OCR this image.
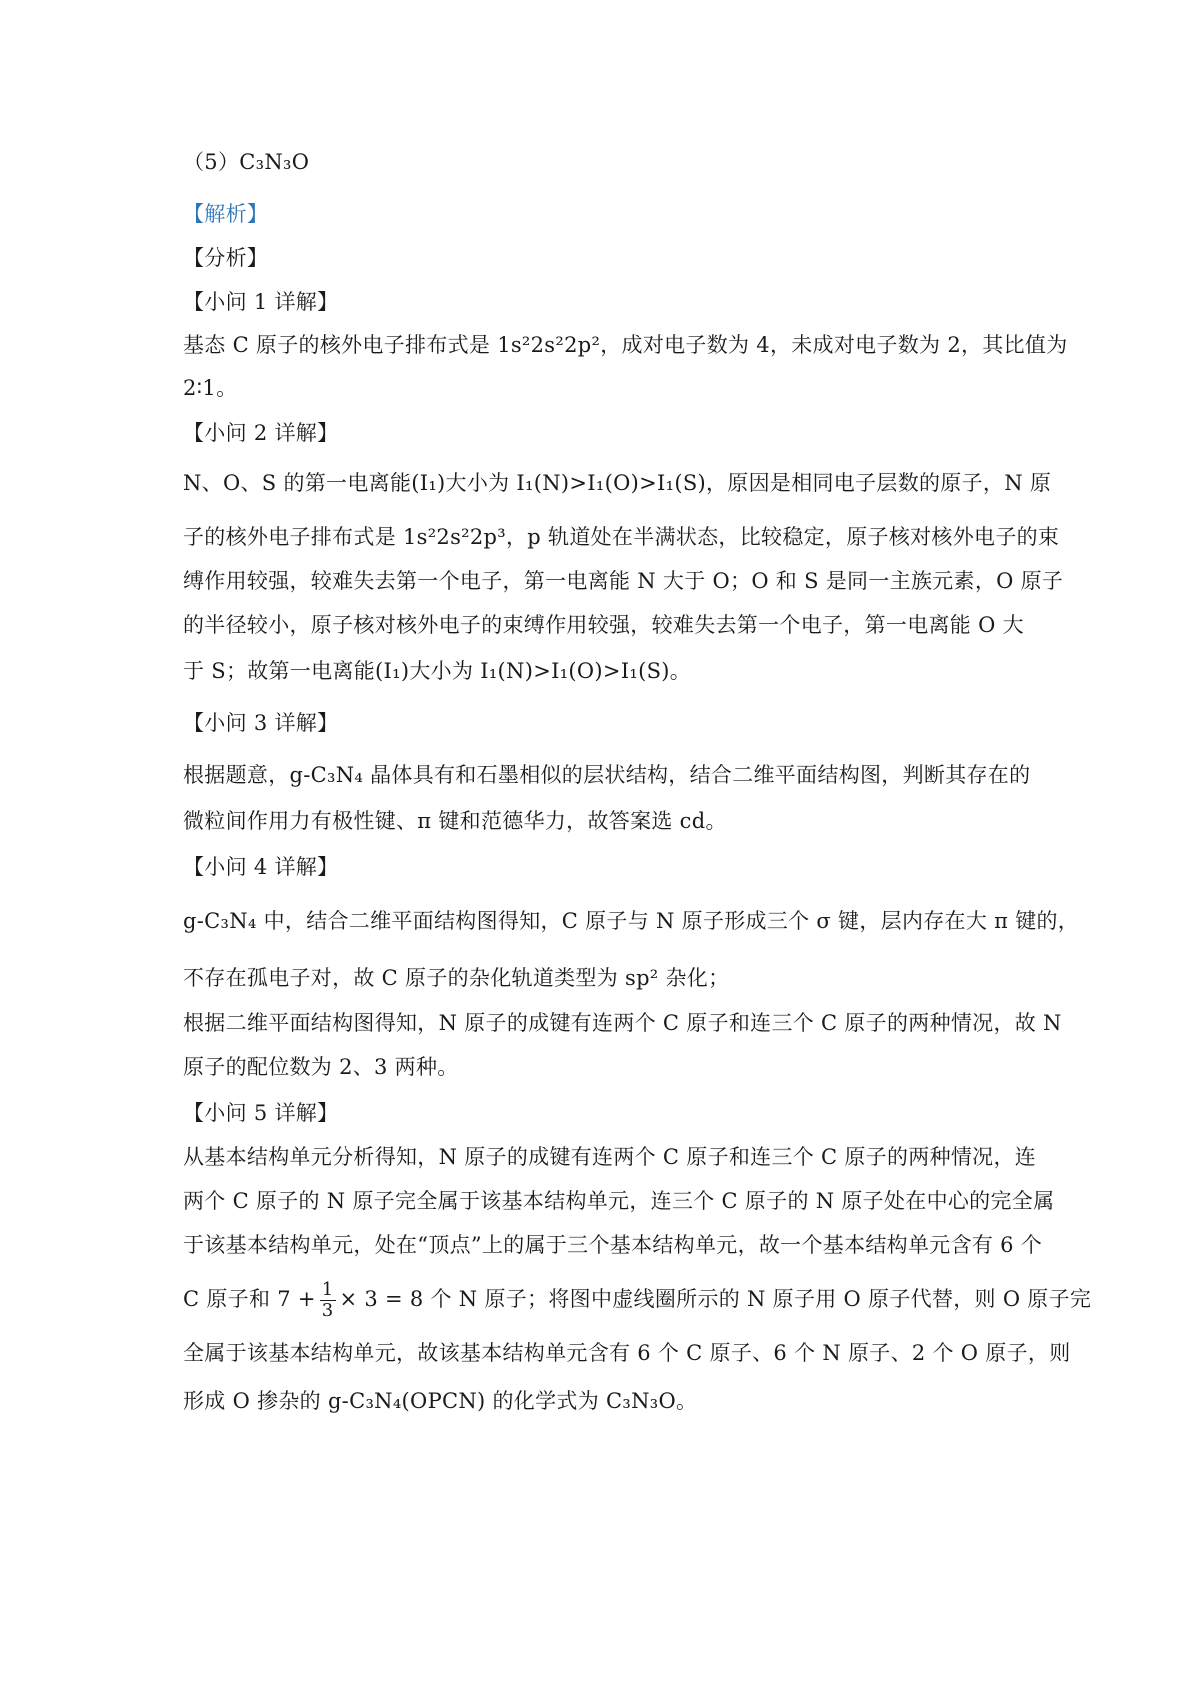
（5）C₃N₃O
【解析】
【分析】
【小问 1 详解】
基态 C 原子的核外电子排布式是 1s²2s²2p²，成对电子数为 4，未成对电子数为 2，其比值为
2∶1。
【小问 2 详解】
N、O、S 的第一电离能(I₁)大小为 I₁(N)>I₁(O)>I₁(S)，原因是相同电子层数的原子，N 原
子的核外电子排布式是 1s²2s²2p³，p 轨道处在半满状态，比较稳定，原子核对核外电子的束
缚作用较强，较难失去第一个电子，第一电离能 N 大于 O；O 和 S 是同一主族元素，O 原子
的半径较小，原子核对核外电子的束缚作用较强，较难失去第一个电子，第一电离能 O 大
于 S；故第一电离能(I₁)大小为 I₁(N)>I₁(O)>I₁(S)。
【小问 3 详解】
根据题意，g-C₃N₄ 晶体具有和石墨相似的层状结构，结合二维平面结构图，判断其存在的
微粒间作用力有极性键、π 键和范德华力，故答案选 cd。
【小问 4 详解】
g-C₃N₄ 中，结合二维平面结构图得知，C 原子与 N 原子形成三个 σ 键，层内存在大 π 键的，
不存在孤电子对，故 C 原子的杂化轨道类型为 sp² 杂化；
根据二维平面结构图得知，N 原子的成键有连两个 C 原子和连三个 C 原子的两种情况，故 N
原子的配位数为 2、3 两种。
【小问 5 详解】
从基本结构单元分析得知，N 原子的成键有连两个 C 原子和连三个 C 原子的两种情况，连
两个 C 原子的 N 原子完全属于该基本结构单元，连三个 C 原子的 N 原子处在中心的完全属
于该基本结构单元，处在“顶点”上的属于三个基本结构单元，故一个基本结构单元含有 6 个
C 原子和 $7 + \frac{1}{3} \times 3 = 8$ 个 N 原子；将图中虚线圈所示的 N 原子用 O 原子代替，则 O 原子完
全属于该基本结构单元，故该基本结构单元含有 6 个 C 原子、6 个 N 原子、2 个 O 原子，则
形成 O 掺杂的 g-C₃N₄(OPCN) 的化学式为 C₃N₃O。
